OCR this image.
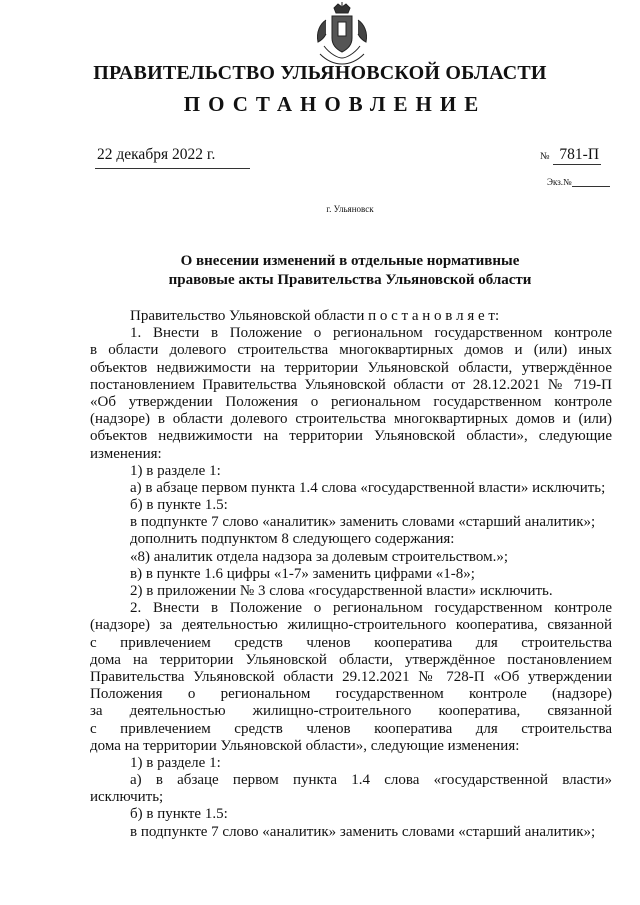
ПРАВИТЕЛЬСТВО УЛЬЯНОВСКОЙ ОБЛАСТИ
ПОСТАНОВЛЕНИЕ
22 декабря 2022 г.	№ 781-П
Экз.№
г. Ульяновск
О внесении изменений в отдельные нормативные
правовые акты Правительства Ульяновской области
Правительство Ульяновской области п о с т а н о в л я е т:
1. Внести в Положение о региональном государственном контроле
в области долевого строительства многоквартирных домов и (или) иных
объектов недвижимости на территории Ульяновской области, утверждённое
постановлением Правительства Ульяновской области от 28.12.2021 № 719-П
«Об утверждении Положения о региональном государственном контроле
(надзоре) в области долевого строительства многоквартирных домов и (или)
объектов недвижимости на территории Ульяновской области», следующие
изменения:
1) в разделе 1:
а) в абзаце первом пункта 1.4 слова «государственной власти» исключить;
б) в пункте 1.5:
в подпункте 7 слово «аналитик» заменить словами «старший аналитик»;
дополнить подпунктом 8 следующего содержания:
«8) аналитик отдела надзора за долевым строительством.»;
в) в пункте 1.6 цифры «1-7» заменить цифрами «1-8»;
2) в приложении № 3 слова «государственной власти» исключить.
2. Внести в Положение о региональном государственном контроле
(надзоре) за деятельностью жилищно-строительного кооператива, связанной
с привлечением средств членов кооператива для строительства
дома на территории Ульяновской области, утверждённое постановлением
Правительства Ульяновской области 29.12.2021 № 728-П «Об утверждении
Положения о региональном государственном контроле (надзоре)
за деятельностью жилищно-строительного кооператива, связанной
с привлечением средств членов кооператива для строительства
дома на территории Ульяновской области», следующие изменения:
1) в разделе 1:
а) в абзаце первом пункта 1.4 слова «государственной власти»
исключить;
б) в пункте 1.5:
в подпункте 7 слово «аналитик» заменить словами «старший аналитик»;
